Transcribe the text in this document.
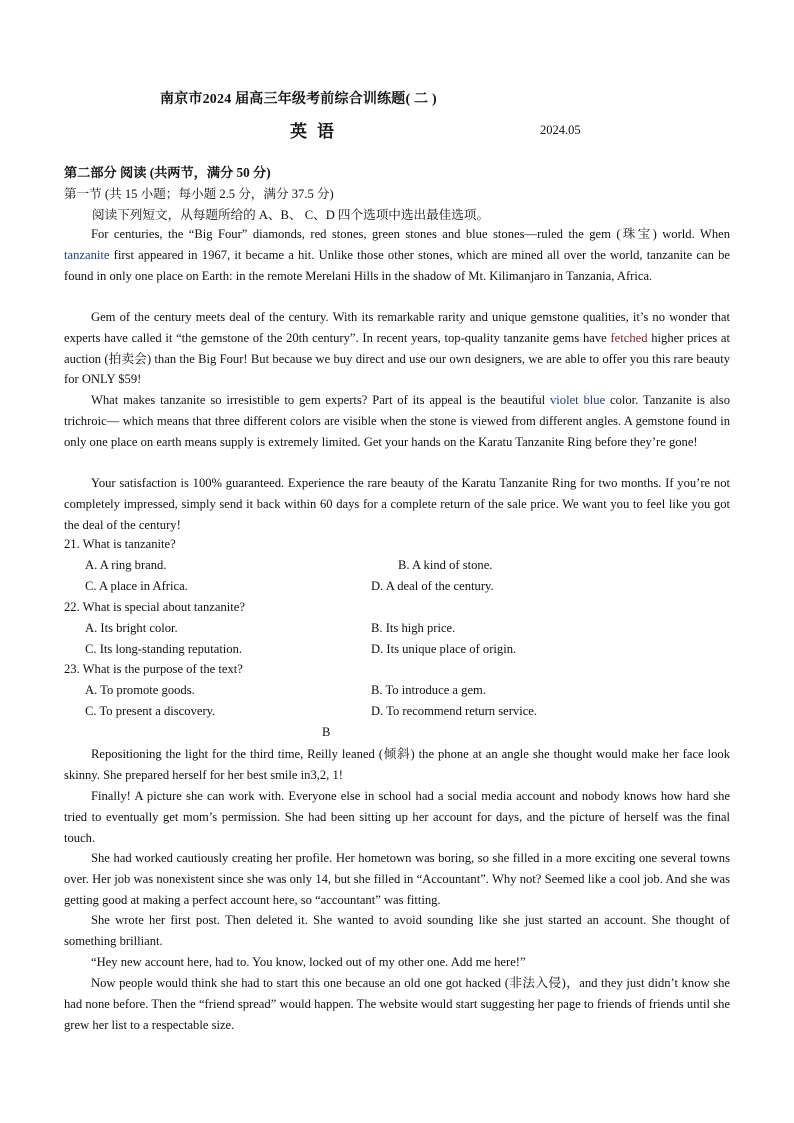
南京市2024 届高三年级考前综合训练题( 二 )
英语	2024.05
第二部分 阅读 (共两节，满分 50 分)
第一节 (共 15 小题；每小题 2.5 分，满分 37.5 分)
阅读下列短文，从每题所给的 A、B、 C、D 四个选项中选出最佳选项。

For centuries, the “Big Four” diamonds, red stones, green stones and blue stones—ruled the gem (珠宝) world. When tanzanite first appeared in 1967, it became a hit. Unlike those other stones, which are mined all over the world, tanzanite can be found in only one place on Earth: in the remote Merelani Hills in the shadow of Mt. Kilimanjaro in Tanzania, Africa.

Gem of the century meets deal of the century. With its remarkable rarity and unique gemstone qualities, it’s no wonder that experts have called it “the gemstone of the 20th century”. In recent years, top-quality tanzanite gems have fetched higher prices at auction (拍卖会) than the Big Four! But because we buy direct and use our own designers, we are able to offer you this rare beauty for ONLY $59!

What makes tanzanite so irresistible to gem experts? Part of its appeal is the beautiful violet blue color. Tanzanite is also trichroic— which means that three different colors are visible when the stone is viewed from different angles. A gemstone found in only one place on earth means supply is extremely limited. Get your hands on the Karatu Tanzanite Ring before they’re gone!

Your satisfaction is 100% guaranteed. Experience the rare beauty of the Karatu Tanzanite Ring for two months. If you’re not completely impressed, simply send it back within 60 days for a complete return of the sale price. We want you to feel like you got the deal of the century!

21. What is tanzanite?
A. A ring brand.	B. A kind of stone.
C. A place in Africa.	D. A deal of the century.
22. What is special about tanzanite?
A. Its bright color.	B. Its high price.
C. Its long-standing reputation.	D. Its unique place of origin.
23. What is the purpose of the text?
A. To promote goods.	B. To introduce a gem.
C. To present a discovery.	D. To recommend return service.
B

Repositioning the light for the third time, Reilly leaned (倾斜) the phone at an angle she thought would make her face look skinny. She prepared herself for her best smile in3,2, 1!

Finally! A picture she can work with. Everyone else in school had a social media account and nobody knows how hard she tried to eventually get mom’s permission. She had been sitting up her account for days, and the picture of herself was the final touch.

She had worked cautiously creating her profile. Her hometown was boring, so she filled in a more exciting one several towns over. Her job was nonexistent since she was only 14, but she filled in “Accountant”. Why not? Seemed like a cool job. And she was getting good at making a perfect account here, so “accountant” was fitting.

She wrote her first post. Then deleted it. She wanted to avoid sounding like she just started an account. She thought of something brilliant.

“Hey new account here, had to. You know, locked out of my other one. Add me here!”

Now people would think she had to start this one because an old one got hacked (非法入侵)，and they just didn’t know she had none before. Then the “friend spread” would happen. The website would start suggesting her page to friends of friends until she grew her list to a respectable size.
